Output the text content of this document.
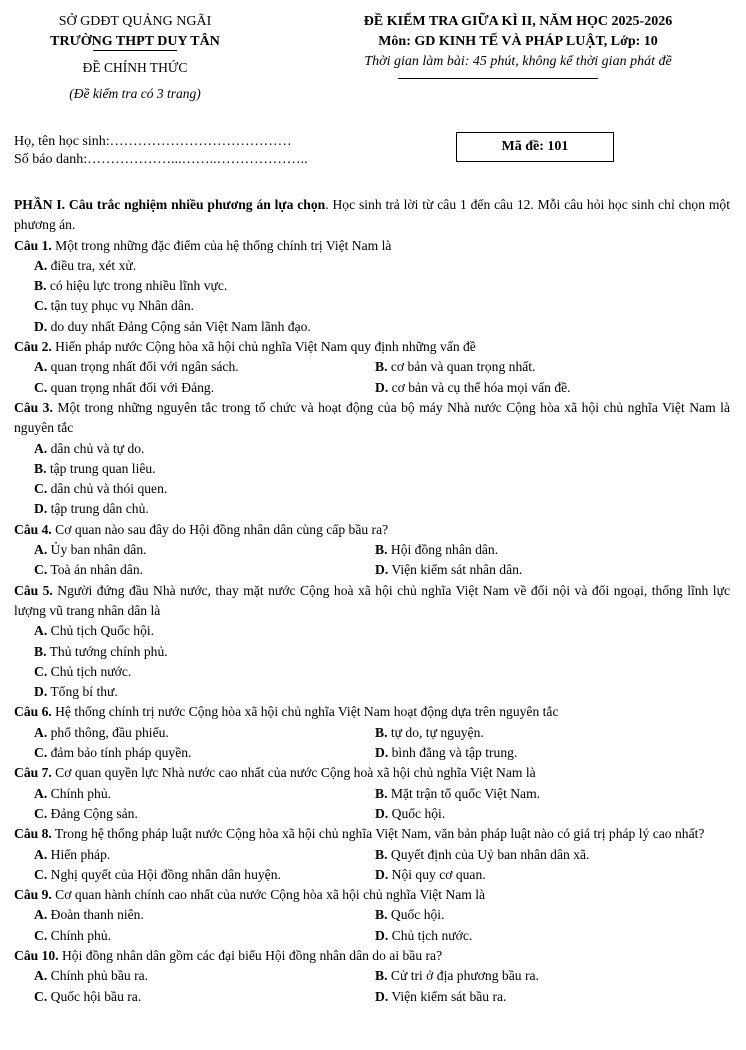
SỞ GDĐT QUẢNG NGÃI
TRƯỜNG THPT DUY TÂN
ĐỀ CHÍNH THỨC
(Đề kiểm tra có 3 trang)
ĐỀ KIỂM TRA GIỮA KÌ II, NĂM HỌC 2025-2026
Môn: GD KINH TẾ VÀ PHÁP LUẬT, Lớp: 10
Thời gian làm bài: 45 phút, không kể thời gian phát đề
Họ, tên học sinh:…………………………………
Số báo danh:………………...……..………………..
Mã đề: 101
PHẦN I. Câu trắc nghiệm nhiều phương án lựa chọn. Học sinh trả lời từ câu 1 đến câu 12. Mỗi câu hỏi học sinh chỉ chọn một phương án.
Câu 1. Một trong những đặc điểm của hệ thống chính trị Việt Nam là
A. điều tra, xét xử.
B. có hiệu lực trong nhiều lĩnh vực.
C. tận tuỵ phục vụ Nhân dân.
D. do duy nhất Đảng Cộng sản Việt Nam lãnh đạo.
Câu 2. Hiến pháp nước Cộng hòa xã hội chủ nghĩa Việt Nam quy định những vấn đề
A. quan trọng nhất đối với ngân sách.	B. cơ bản và quan trọng nhất.
C. quan trọng nhất đối với Đảng.	D. cơ bản và cụ thể hóa mọi vấn đề.
Câu 3. Một trong những nguyên tắc trong tổ chức và hoạt động của bộ máy Nhà nước Cộng hòa xã hội chủ nghĩa Việt Nam là nguyên tắc
A. dân chủ và tự do.
B. tập trung quan liêu.
C. dân chủ và thói quen.
D. tập trung dân chủ.
Câu 4. Cơ quan nào sau đây do Hội đồng nhân dân cùng cấp bầu ra?
A. Ủy ban nhân dân.	B. Hội đồng nhân dân.
C. Toà án nhân dân.	D. Viện kiểm sát nhân dân.
Câu 5. Người đứng đầu Nhà nước, thay mặt nước Cộng hoà xã hội chủ nghĩa Việt Nam về đối nội và đối ngoại, thống lĩnh lực lượng vũ trang nhân dân là
A. Chủ tịch Quốc hội.
B. Thủ tướng chính phủ.
C. Chủ tịch nước.
D. Tổng bí thư.
Câu 6. Hệ thống chính trị nước Cộng hòa xã hội chủ nghĩa Việt Nam hoạt động dựa trên nguyên tắc
A. phổ thông, đầu phiếu.	B. tự do, tự nguyện.
C. đảm bảo tính pháp quyền.	D. bình đẳng và tập trung.
Câu 7. Cơ quan quyền lực Nhà nước cao nhất của nước Cộng hoà xã hội chủ nghĩa Việt Nam là
A. Chính phủ.	B. Mặt trận tổ quốc Việt Nam.
C. Đảng Cộng sản.	D. Quốc hội.
Câu 8. Trong hệ thống pháp luật nước Cộng hòa xã hội chủ nghĩa Việt Nam, văn bản pháp luật nào có giá trị pháp lý cao nhất?
A. Hiến pháp.	B. Quyết định của Uỷ ban nhân dân xã.
C. Nghị quyết của Hội đồng nhân dân huyện.	D. Nội quy cơ quan.
Câu 9. Cơ quan hành chính cao nhất của nước Cộng hòa xã hội chủ nghĩa Việt Nam là
A. Đoàn thanh niên.	B. Quốc hội.
C. Chính phủ.	D. Chủ tịch nước.
Câu 10. Hội đồng nhân dân gồm các đại biểu Hội đồng nhân dân do ai bầu ra?
A. Chính phủ bầu ra.	B. Cử tri ở địa phương bầu ra.
C. Quốc hội bầu ra.	D. Viện kiểm sát bầu ra.
